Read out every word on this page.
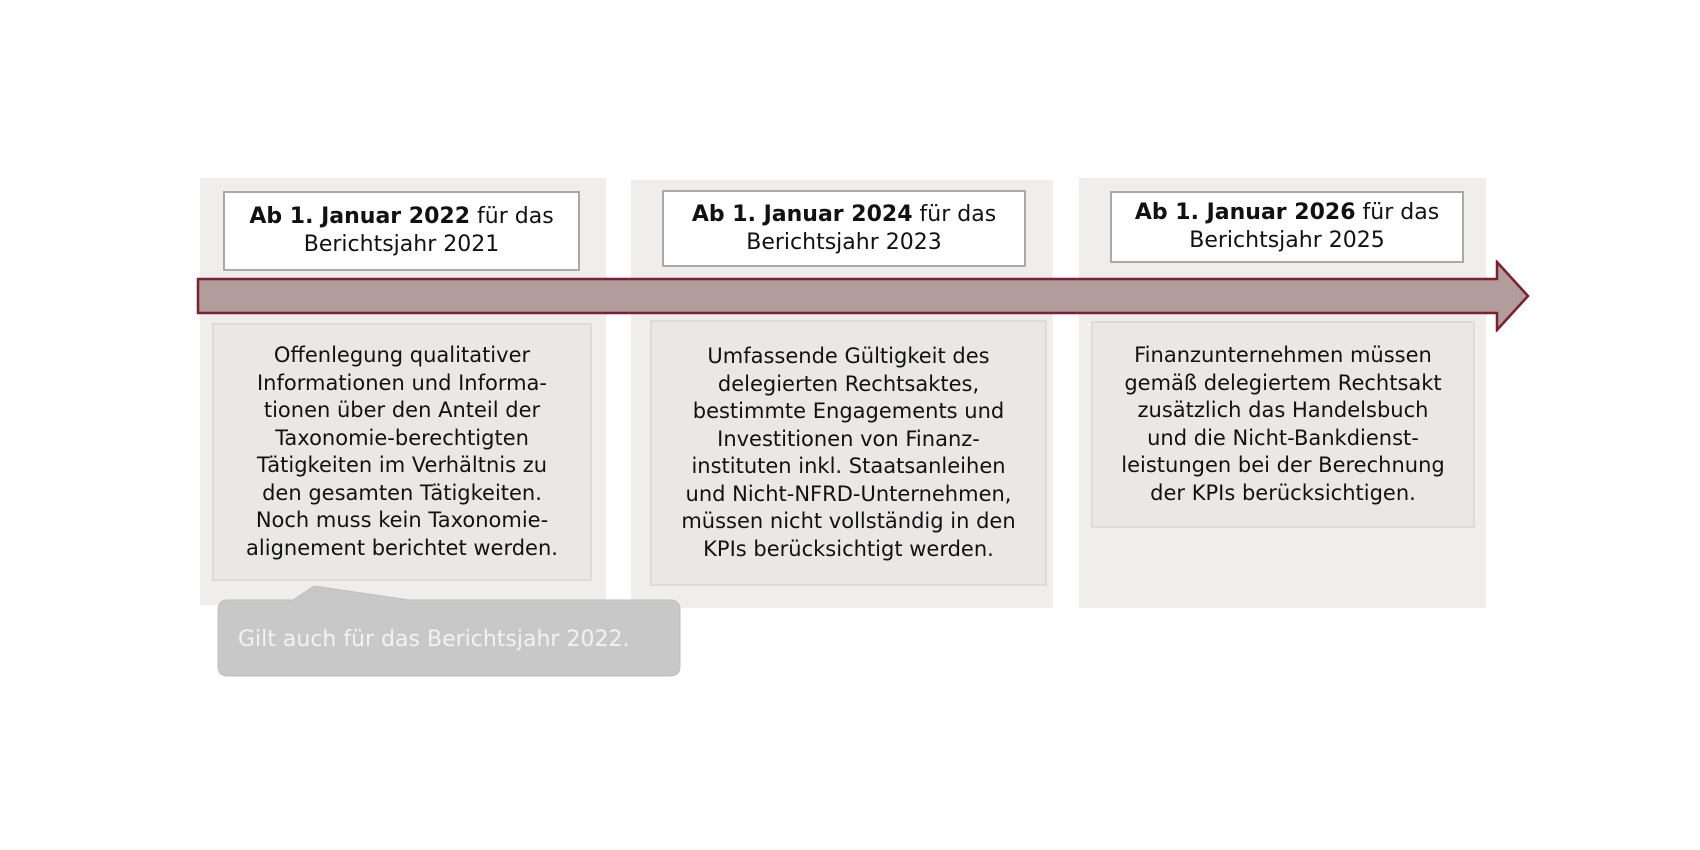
Ab 1. Januar 2022 für das
Berichtsjahr 2021
Ab 1. Januar 2024 für das
Berichtsjahr 2023
Ab 1. Januar 2026 für das
Berichtsjahr 2025
Offenlegung qualitativer
Informationen und Informa-
tionen über den Anteil der
Taxonomie-berechtigten
Tätigkeiten im Verhältnis zu
den gesamten Tätigkeiten.
Noch muss kein Taxonomie-
alignement berichtet werden.
Umfassende Gültigkeit des
delegierten Rechtsaktes,
bestimmte Engagements und
Investitionen von Finanz-
instituten inkl. Staatsanleihen
und Nicht-NFRD-Unternehmen,
müssen nicht vollständig in den
KPIs berücksichtigt werden.
Finanzunternehmen müssen
gemäß delegiertem Rechtsakt
zusätzlich das Handelsbuch
und die Nicht-Bankdienst-
leistungen bei der Berechnung
der KPIs berücksichtigen.
Gilt auch für das Berichtsjahr 2022.
